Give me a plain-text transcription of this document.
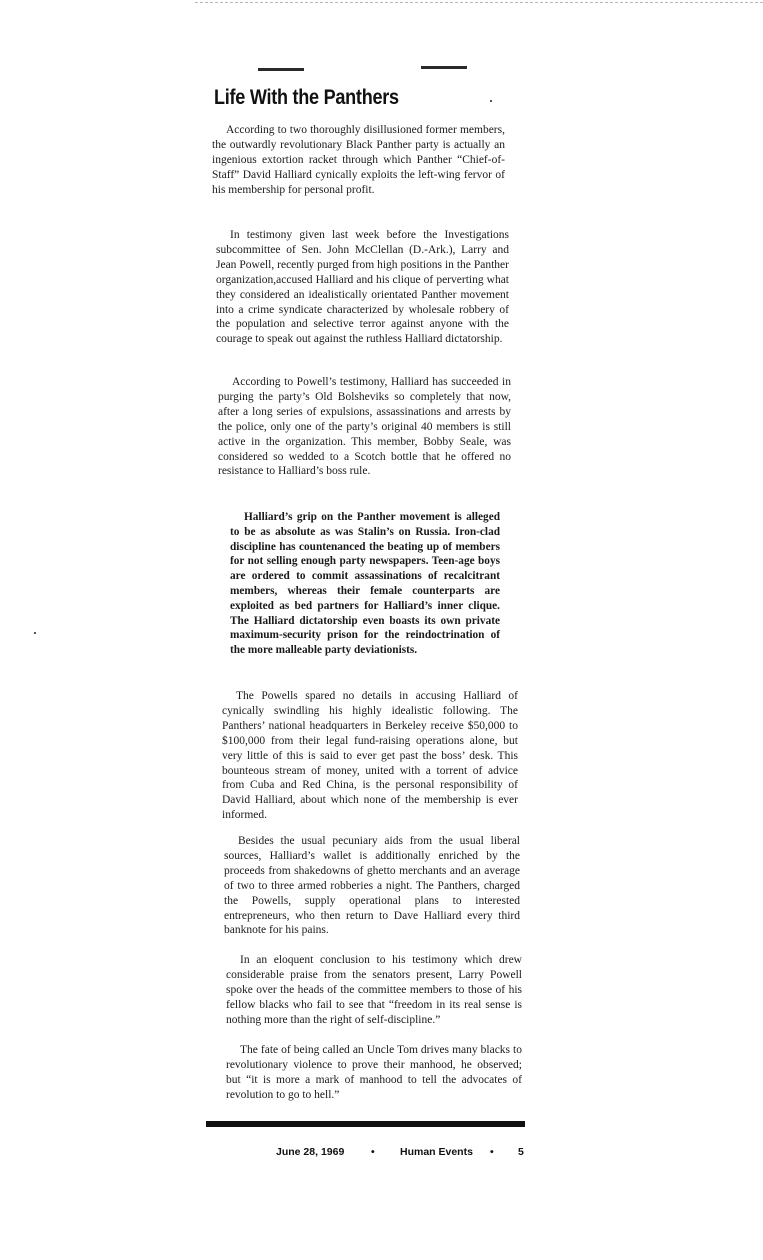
Life With the Panthers

According to two thoroughly disillusioned former members, the outwardly revolutionary Black Panther party is actually an ingenious extortion racket through which Panther “Chief-of-Staff” David Halliard cynically exploits the left-wing fervor of his membership for personal profit.

In testimony given last week before the Investigations subcommittee of Sen. John McClellan (D.-Ark.), Larry and Jean Powell, recently purged from high positions in the Panther organization,accused Halliard and his clique of perverting what they considered an idealistically orientated Panther movement into a crime syndicate characterized by wholesale robbery of the population and selective terror against anyone with the courage to speak out against the ruthless Halliard dictatorship.

According to Powell’s testimony, Halliard has succeeded in purging the party’s Old Bolsheviks so completely that now, after a long series of expulsions, assassinations and arrests by the police, only one of the party’s original 40 members is still active in the organization. This member, Bobby Seale, was considered so wedded to a Scotch bottle that he offered no resistance to Halliard’s boss rule.

Halliard’s grip on the Panther movement is alleged to be as absolute as was Stalin’s on Russia. Iron-clad discipline has countenanced the beating up of members for not selling enough party newspapers. Teen-age boys are ordered to commit assassinations of recalcitrant members, whereas their female counterparts are exploited as bed partners for Halliard’s inner clique. The Halliard dictatorship even boasts its own private maximum-security prison for the reindoctrination of the more malleable party deviationists.

The Powells spared no details in accusing Halliard of cynically swindling his highly idealistic following. The Panthers’ national headquarters in Berkeley receive $50,000 to $100,000 from their legal fund-raising operations alone, but very little of this is said to ever get past the boss’ desk. This bounteous stream of money, united with a torrent of advice from Cuba and Red China, is the personal responsibility of David Halliard, about which none of the membership is ever informed.

Besides the usual pecuniary aids from the usual liberal sources, Halliard’s wallet is additionally enriched by the proceeds from shakedowns of ghetto merchants and an average of two to three armed robberies a night. The Panthers, charged the Powells, supply operational plans to interested entrepreneurs, who then return to Dave Halliard every third banknote for his pains.

In an eloquent conclusion to his testimony which drew considerable praise from the senators present, Larry Powell spoke over the heads of the committee members to those of his fellow blacks who fail to see that “freedom in its real sense is nothing more than the right of self-discipline.”

The fate of being called an Uncle Tom drives many blacks to revolutionary violence to prove their manhood, he observed; but “it is more a mark of manhood to tell the advocates of revolution to go to hell.”

June 28, 1969	• Human Events • 5
